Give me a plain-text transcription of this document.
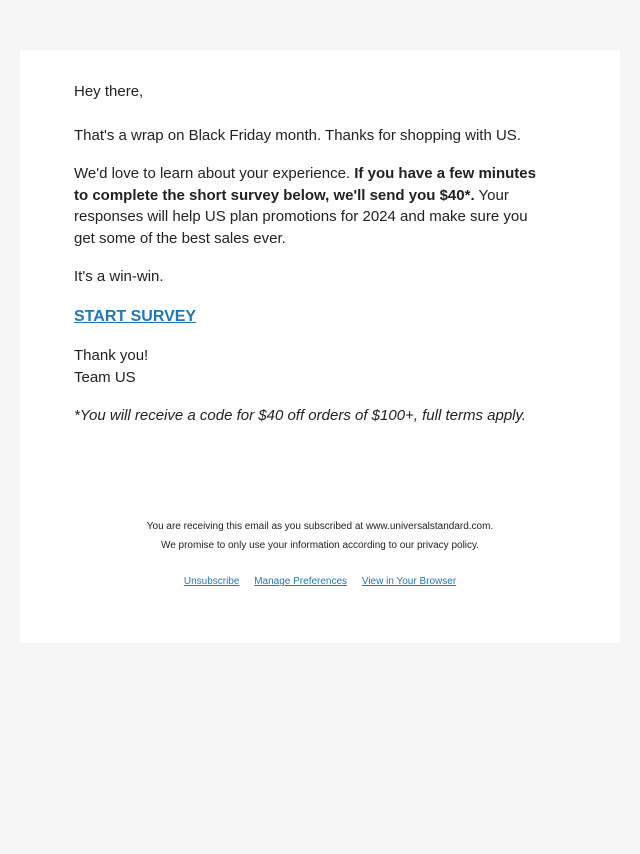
Hey there,

That's a wrap on Black Friday month. Thanks for shopping with US.

We'd love to learn about your experience. If you have a few minutes to complete the short survey below, we'll send you $40*. Your responses will help US plan promotions for 2024 and make sure you get some of the best sales ever.

It's a win-win.

START SURVEY

Thank you!
Team US

*You will receive a code for $40 off orders of $100+, full terms apply.

You are receiving this email as you subscribed at www.universalstandard.com.
We promise to only use your information according to our privacy policy.
Unsubscribe Manage Preferences View in Your Browser
